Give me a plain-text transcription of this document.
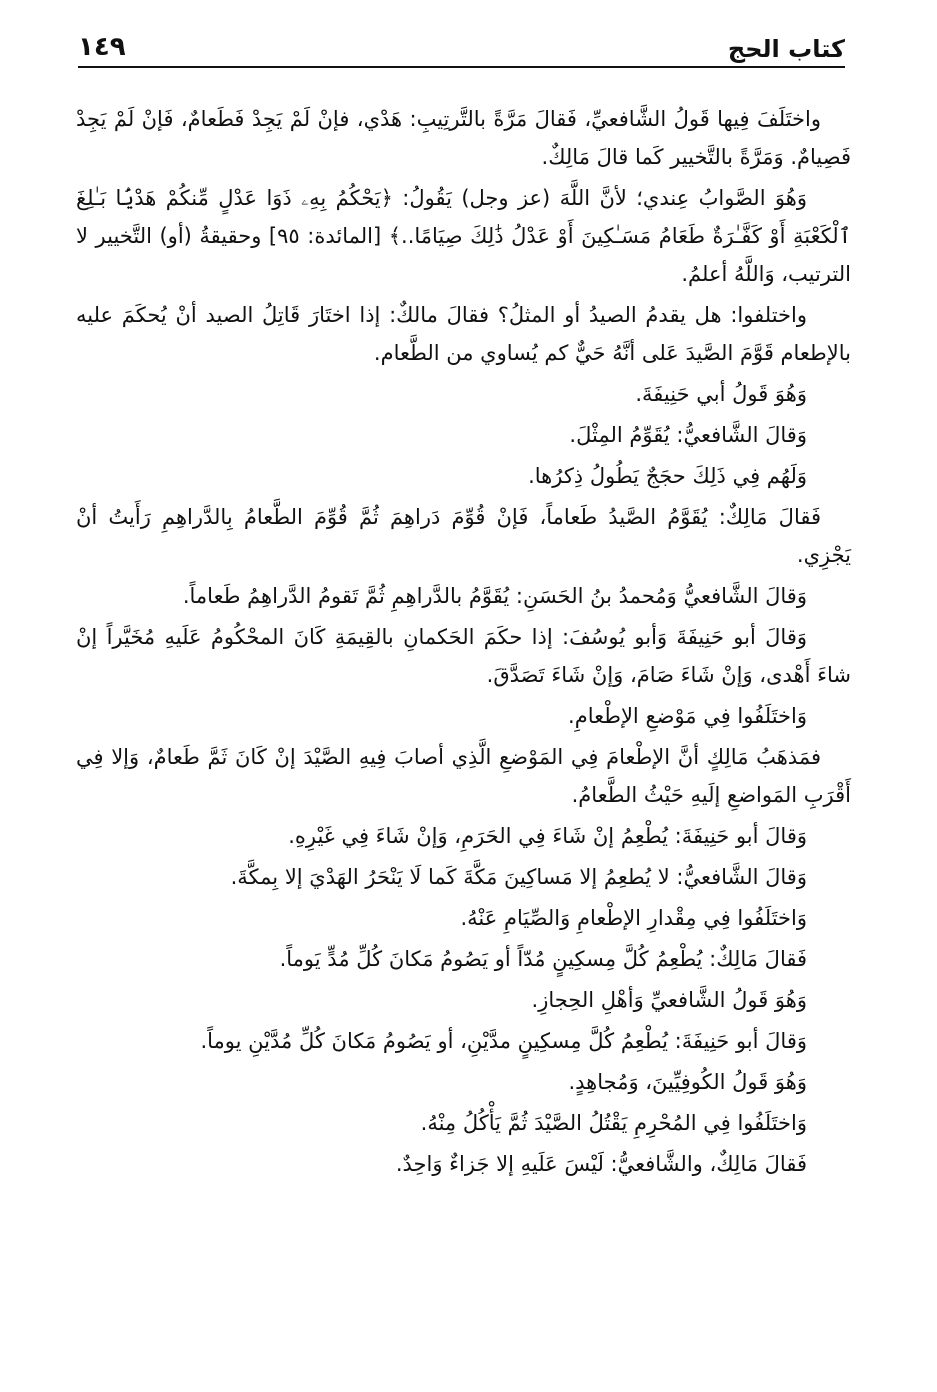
كتاب الحج
١٤٩

واختَلَفَ فِيها قَولُ الشَّافعيِّ، فَقالَ مَرَّةً بالتَّرتِيبِ: هَدْي، فإنْ لَمْ يَجِدْ فَطَعامٌ، فَإنْ لَمْ يَجِدْ فَصِيامٌ. وَمَرَّةً بالتَّخيير كَما قالَ مَالِكٌ.

وَهُوَ الصَّوابُ عِندي؛ لأنَّ اللَّهَ (عز وجل) يَقُولُ: ﴿يَحْكُمُ بِهِۦ ذَوَا عَدْلٍ مِّنكُمْ هَدْيَۢا بَـٰلِغَ ٱلْكَعْبَةِ أَوْ كَفَّـٰرَةٌ طَعَامُ مَسَـٰكِينَ أَوْ عَدْلُ ذَٰلِكَ صِيَامًا..﴾ [المائدة: ٩٥] وحقيقةُ (أو) التَّخيير لا الترتيب، وَاللَّهُ أعلمُ.

واختلفوا: هل يقدمُ الصيدُ أو المثلُ؟ فقالَ مالكٌ: إذا اختَارَ قَاتِلُ الصيد أنْ يُحكَمَ عليه بالإطعام قَوَّمَ الصَّيدَ عَلى أنَّهُ حَيٌّ كم يُساوي من الطَّعام.

وَهُوَ قَولُ أبي حَنِيفَةَ.

وَقالَ الشَّافعيُّ: يُقَوِّمُ المِثْلَ.

وَلَهُم فِي ذَلِكَ حجَجٌ يَطُولُ ذِكرُها.

فَقالَ مَالِكٌ: يُقَوَّمُ الصَّيدُ طَعاماً، فَإنْ قُوِّمَ دَراهِمَ ثُمَّ قُوِّمَ الطَّعامُ بِالدَّراهِمِ رَأَيتُ أنْ يَجْزِي.

وَقالَ الشَّافعيُّ وَمُحمدُ بنُ الحَسَنِ: يُقَوَّمُ بالدَّراهِمِ ثُمَّ تَقومُ الدَّراهِمُ طَعاماً.

وَقالَ أبو حَنِيفَةَ وَأبو يُوسُفَ: إذا حكَمَ الحَكمانِ بالقِيمَةِ كَانَ المحْكُومُ عَلَيهِ مُخَيَّراً إنْ شاءَ أَهْدى، وَإنْ شَاءَ صَامَ، وَإنْ شَاءَ تَصَدَّقَ.

وَاختَلَفُوا فِي مَوْضعِ الإطْعامِ.

فمَذهَبُ مَالِكٍ أنَّ الإطْعامَ فِي المَوْضعِ الَّذِي أصابَ فِيهِ الصَّيْدَ إنْ كَانَ ثَمَّ طَعامٌ، وَإلا فِي أَقْرَبِ المَواضعِ إلَيهِ حَيْثُ الطَّعامُ.

وَقالَ أبو حَنِيفَةَ: يُطْعِمُ إنْ شَاءَ فِي الحَرَمِ، وَإنْ شَاءَ فِي غَيْرِهِ.

وَقالَ الشَّافعيُّ: لا يُطعِمُ إلا مَساكِينَ مَكَّةَ كَما لَا يَنْحَرُ الهَدْيَ إلا بِمكَّةَ.

وَاختَلَفُوا فِي مِقْدارِ الإطْعامِ وَالصِّيَامِ عَنْهُ.

فَقالَ مَالِكٌ: يُطْعِمُ كُلَّ مِسكِينٍ مُدّاً أو يَصُومُ مَكانَ كُلِّ مُدٍّ يَوماً.

وَهُوَ قَولُ الشَّافعيِّ وَأهْلِ الحِجازِ.

وَقالَ أبو حَنِيفَةَ: يُطْعِمُ كُلَّ مِسكِينٍ مدَّيْنِ، أو يَصُومُ مَكانَ كُلِّ مُدَّيْنِ يوماً.

وَهُوَ قَولُ الكُوفِيِّينَ، وَمُجاهِدٍ.

وَاختَلَفُوا فِي المُحْرِمِ يَقْتُلُ الصَّيْدَ ثُمَّ يَأْكُلُ مِنْهُ.

فَقالَ مَالِكٌ، والشَّافعيُّ: لَيْسَ عَلَيهِ إلا جَزاءٌ وَاحِدٌ.
